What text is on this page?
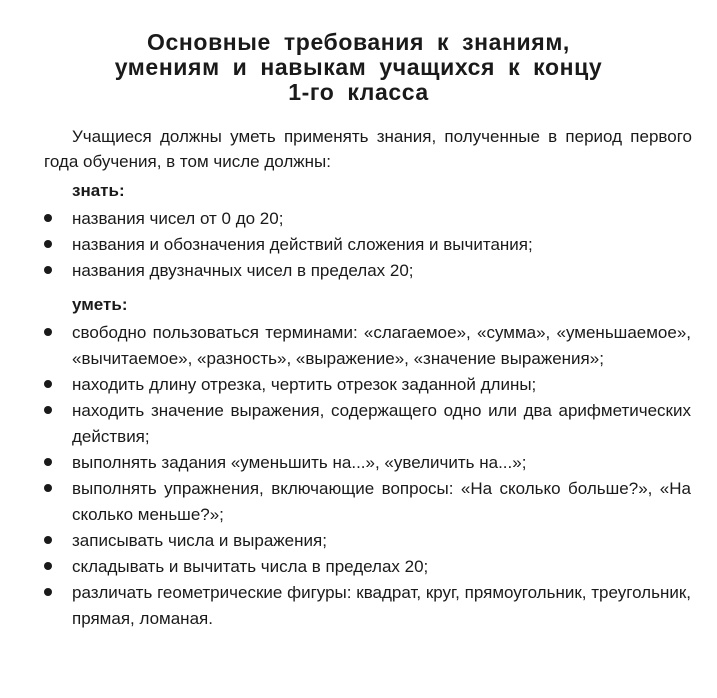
Основные требования к знаниям,
умениям и навыкам учащихся к концу
1-го класса

Учащиеся должны уметь применять знания, полученные в период первого года обучения, в том числе должны:

знать:

названия чисел от 0 до 20;
названия и обозначения действий сложения и вычитания;
названия двузначных чисел в пределах 20;

уметь:

свободно пользоваться терминами: «слагаемое», «сумма», «уменьшаемое», «вычитаемое», «разность», «выражение», «значение выражения»;
находить длину отрезка, чертить отрезок заданной длины;
находить значение выражения, содержащего одно или два арифметических действия;
выполнять задания «уменьшить на...», «увеличить на...»;
выполнять упражнения, включающие вопросы: «На сколько больше?», «На сколько меньше?»;
записывать числа и выражения;
складывать и вычитать числа в пределах 20;
различать геометрические фигуры: квадрат, круг, прямоугольник, треугольник, прямая, ломаная.
